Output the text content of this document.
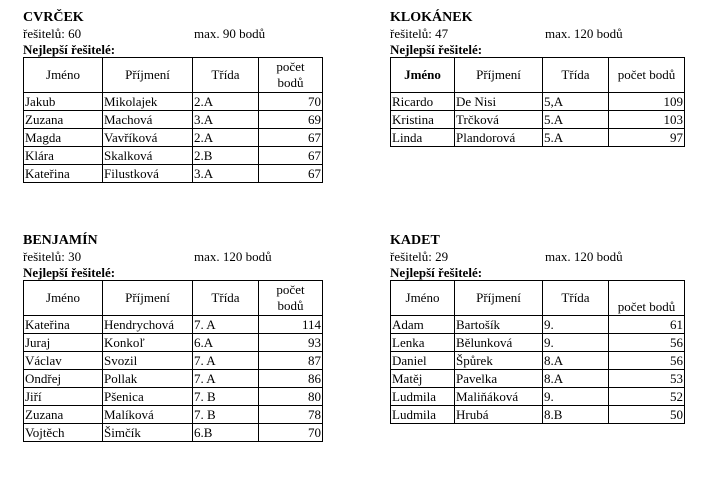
CVRČEK
řešitelů: 60	max. 90 bodů
Nejlepší řešitelé:
Jméno	Příjmení	Třída	počet
bodů
Jakub	Mikolajek	2.A	70
Zuzana	Machová	3.A	69
Magda	Vavříková	2.A	67
Klára	Skalková	2.B	67
Kateřina	Filustková	3.A	67
KLOKÁNEK
řešitelů: 47	max. 120 bodů
Nejlepší řešitelé:
Jméno	Příjmení	Třída	počet bodů
Ricardo	De Nisi	5,A	109
Kristina	Trčková	5.A	103
Linda	Plandorová	5.A	97
BENJAMÍN
řešitelů: 30	max. 120 bodů
Nejlepší řešitelé:
Jméno	Příjmení	Třída	počet
bodů
Kateřina	Hendrychová	7. A	114
Juraj	Konkoľ	6.A	93
Václav	Svozil	7. A	87
Ondřej	Pollak	7. A	86
Jiří	Pšenica	7. B	80
Zuzana	Malíková	7. B	78
Vojtěch	Šimčík	6.B	70
KADET
řešitelů: 29	max. 120 bodů
Nejlepší řešitelé:
Jméno	Příjmení	Třída	počet bodů
Adam	Bartošík	9.	61
Lenka	Bělunková	9.	56
Daniel	Špůrek	8.A	56
Matěj	Pavelka	8.A	53
Ludmila	Maliňáková	9.	52
Ludmila	Hrubá	8.B	50
